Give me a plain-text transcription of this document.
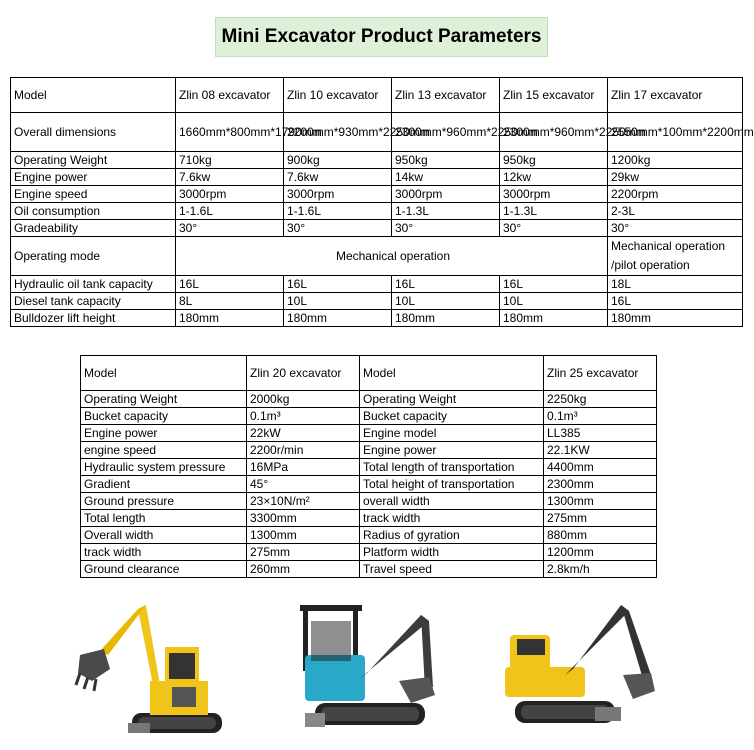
Mini Excavator Product Parameters
Model	Zlin 08 excavator	Zlin 10 excavator	Zlin 13 excavator	Zlin 15 excavator	Zlin 17 excavator
Overall dimensions	1660mm*800mm*1790mm	2200mm*930mm*2250mm	2300mm*960mm*2250mm	2300mm*960mm*2250mm	2550mm*100mm*2200mm
Operating Weight	710kg	900kg	950kg	950kg	1200kg
Engine power	7.6kw	7.6kw	14kw	12kw	29kw
Engine speed	3000rpm	3000rpm	3000rpm	3000rpm	2200rpm
Oil consumption	1-1.6L	1-1.6L	1-1.3L	1-1.3L	2-3L
Gradeability	30°	30°	30°	30°	30°
Operating mode	Mechanical operation				Mechanical operation /pilot operation
Hydraulic oil tank capacity	16L	16L	16L	16L	18L
Diesel tank capacity	8L	10L	10L	10L	16L
Bulldozer lift height	180mm	180mm	180mm	180mm	180mm
Model	Zlin 20 excavator	Model	Zlin 25 excavator
Operating Weight	2000kg	Operating Weight	2250kg
Bucket capacity	0.1m³	Bucket capacity	0.1m³
Engine power	22kW	Engine model	LL385
engine speed	2200r/min	Engine power	22.1KW
Hydraulic system pressure	16MPa	Total length of transportation	4400mm
Gradient	45°	Total height of transportation	2300mm
Ground pressure	23×10N/m²	overall width	1300mm
Total length	3300mm	track width	275mm
Overall width	1300mm	Radius of gyration	880mm
track width	275mm	Platform width	1200mm
Ground clearance	260mm	Travel speed	2.8km/h
